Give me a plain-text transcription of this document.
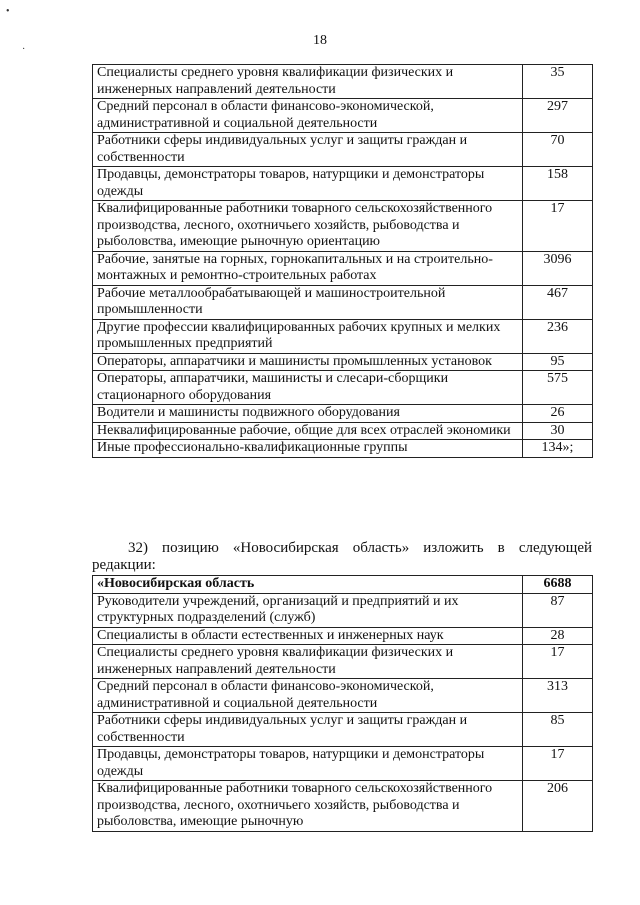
•
·
18
Специалисты среднего уровня квалификации физических и инженерных направлений деятельности	35
Средний персонал в области финансово-экономической, административной и социальной деятельности	297
Работники сферы индивидуальных услуг и защиты граждан и собственности	70
Продавцы, демонстраторы товаров, натурщики и демонстраторы одежды	158
Квалифицированные работники товарного сельскохозяйственного производства, лесного, охотничьего хозяйств, рыбоводства и рыболовства, имеющие рыночную ориентацию	17
Рабочие, занятые на горных, горнокапитальных и на строительно-монтажных и ремонтно-строительных работах	3096
Рабочие металлообрабатывающей и машиностроительной промышленности	467
Другие профессии квалифицированных рабочих крупных и мелких промышленных предприятий	236
Операторы, аппаратчики и машинисты промышленных установок	95
Операторы, аппаратчики, машинисты и слесари-сборщики стационарного оборудования	575
Водители и машинисты подвижного оборудования	26
Неквалифицированные рабочие, общие для всех отраслей экономики	30
Иные профессионально-квалификационные группы	134»;
32) позицию «Новосибирская область» изложить в следующей
редакции:
«Новосибирская область	6688
Руководители учреждений, организаций и предприятий и их структурных подразделений (служб)	87
Специалисты в области естественных и инженерных наук	28
Специалисты среднего уровня квалификации физических и инженерных направлений деятельности	17
Средний персонал в области финансово-экономической, административной и социальной деятельности	313
Работники сферы индивидуальных услуг и защиты граждан и собственности	85
Продавцы, демонстраторы товаров, натурщики и демонстраторы одежды	17
Квалифицированные работники товарного сельскохозяйственного производства, лесного, охотничьего хозяйств, рыбоводства и рыболовства, имеющие рыночную	206
